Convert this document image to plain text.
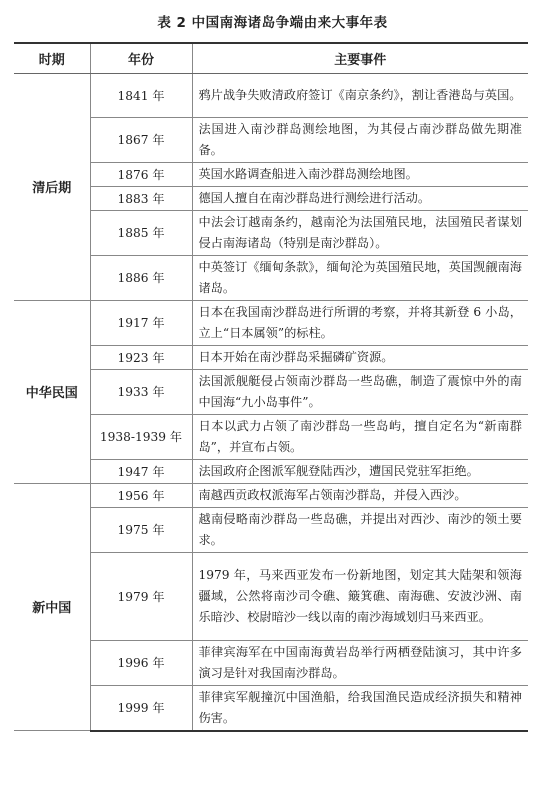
表 2 中国南海诸岛争端由来大事年表
时期	年份	主要事件
清后期	1841 年	鸦片战争失败清政府签订《南京条约》，割让香港岛与英国。
	1867 年	法国进入南沙群岛测绘地图，为其侵占南沙群岛做先期准备。
	1876 年	英国水路调查船进入南沙群岛测绘地图。
	1883 年	德国人擅自在南沙群岛进行测绘进行活动。
	1885 年	中法会订越南条约，越南沦为法国殖民地，法国殖民者谋划侵占南海诸岛（特别是南沙群岛）。
	1886 年	中英签订《缅甸条款》，缅甸沦为英国殖民地，英国觊觎南海诸岛。
中华民国	1917 年	日本在我国南沙群岛进行所谓的考察，并将其新登 6 小岛，立上“日本属领”的标柱。
	1923 年	日本开始在南沙群岛采掘磷矿资源。
	1933 年	法国派舰艇侵占领南沙群岛一些岛礁，制造了震惊中外的南中国海“九小岛事件”。
	1938-1939 年	日本以武力占领了南沙群岛一些岛屿，擅自定名为“新南群岛”，并宣布占领。
	1947 年	法国政府企图派军舰登陆西沙，遭国民党驻军拒绝。
新中国	1956 年	南越西贡政权派海军占领南沙群岛，并侵入西沙。
	1975 年	越南侵略南沙群岛一些岛礁，并提出对西沙、南沙的领土要求。
	1979 年	1979 年，马来西亚发布一份新地图，划定其大陆架和领海疆域，公然将南沙司令礁、簸箕礁、南海礁、安波沙洲、南乐暗沙、校尉暗沙一线以南的南沙海域划归马来西亚。
	1996 年	菲律宾海军在中国南海黄岩岛举行两栖登陆演习，其中许多演习是针对我国南沙群岛。
	1999 年	菲律宾军舰撞沉中国渔船，给我国渔民造成经济损失和精神伤害。
